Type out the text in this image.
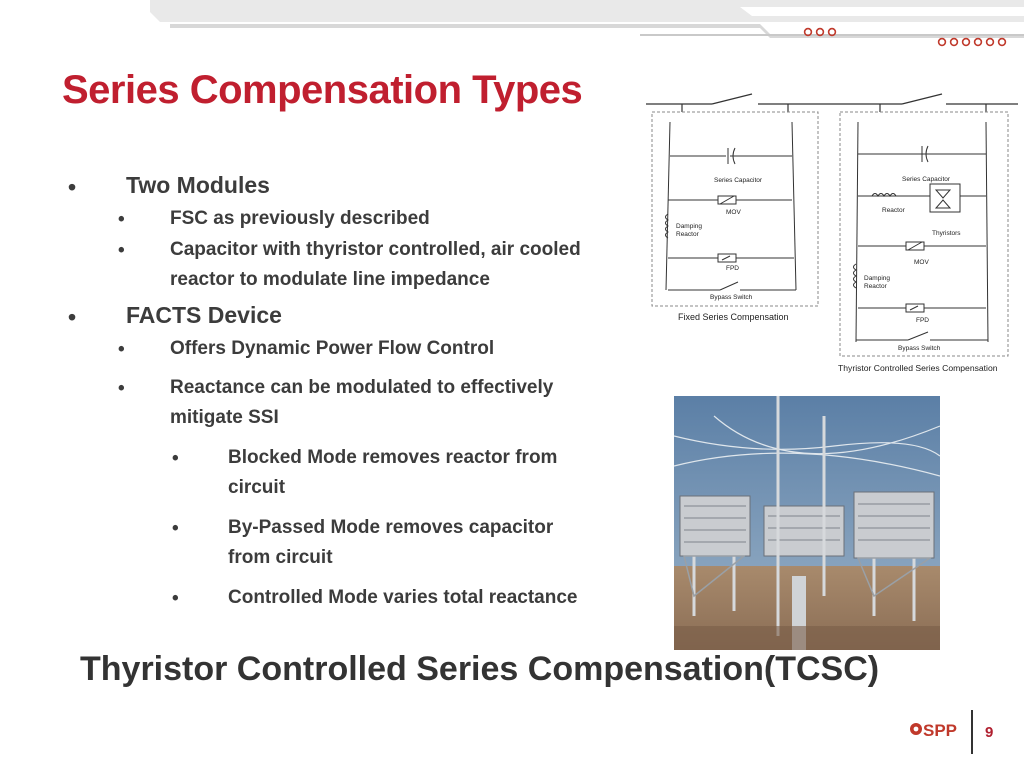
Series Compensation Types
• Two Modules
• FSC as previously described
• Capacitor with thyristor controlled, air cooled
reactor to modulate line impedance
• FACTS Device
• Offers Dynamic Power Flow Control
• Reactance can be modulated to effectively
mitigate SSI
•	Blocked Mode removes reactor from
circuit
•	By-Passed Mode removes capacitor
from circuit
•	Controlled Mode varies total reactance
Series Capacitor
MOV
Damping
Reactor
FPD
Bypass Switch
Fixed Series Compensation
Series Capacitor
Reactor
Thyristors
MOV
Damping
Reactor
FPD
Bypass Switch
Thyristor Controlled Series Compensation
Thyristor Controlled Series Compensation(TCSC)
SPP 9
